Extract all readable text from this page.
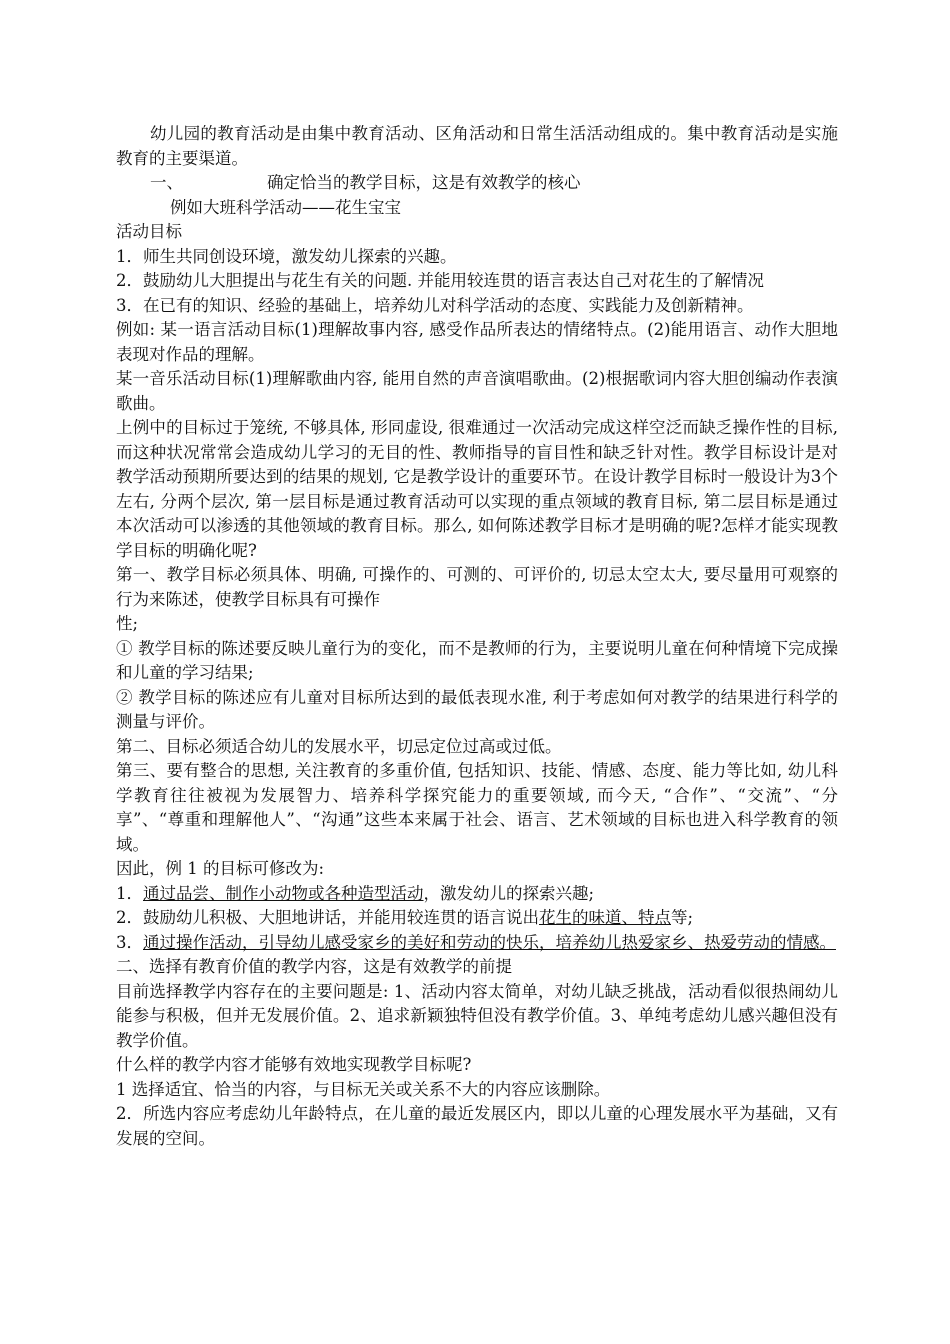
幼儿园的教育活动是由集中教育活动、区角活动和日常生活活动组成的。集中教育活动是实施教育的主要渠道。

一、	确定恰当的教学目标，这是有效教学的核心

例如大班科学活动——花生宝宝

活动目标

1．师生共同创设环境，激发幼儿探索的兴趣。

2．鼓励幼儿大胆提出与花生有关的问题. 并能用较连贯的语言表达自己对花生的了解情况

3．在已有的知识、经验的基础上，培养幼儿对科学活动的态度、实践能力及创新精神。

例如: 某一语言活动目标(1)理解故事内容, 感受作品所表达的情绪特点。(2)能用语言、动作大胆地表现对作品的理解。

某一音乐活动目标(1)理解歌曲内容, 能用自然的声音演唱歌曲。(2)根据歌词内容大胆创编动作表演歌曲。

上例中的目标过于笼统, 不够具体, 形同虚设, 很难通过一次活动完成这样空泛而缺乏操作性的目标, 而这种状况常常会造成幼儿学习的无目的性、教师指导的盲目性和缺乏针对性。教学目标设计是对教学活动预期所要达到的结果的规划, 它是教学设计的重要环节。在设计教学目标时一般设计为3个左右, 分两个层次, 第一层目标是通过教育活动可以实现的重点领域的教育目标, 第二层目标是通过本次活动可以渗透的其他领域的教育目标。那么, 如何陈述教学目标才是明确的呢?怎样才能实现教学目标的明确化呢?

第一、教学目标必须具体、明确, 可操作的、可测的、可评价的, 切忌太空太大, 要尽量用可观察的行为来陈述，使教学目标具有可操作

性;

① 教学目标的陈述要反映儿童行为的变化，而不是教师的行为，主要说明儿童在何种情境下完成操和儿童的学习结果;

② 教学目标的陈述应有儿童对目标所达到的最低表现水准, 利于考虑如何对教学的结果进行科学的测量与评价。

第二、目标必须适合幼儿的发展水平，切忌定位过高或过低。

第三、要有整合的思想, 关注教育的多重价值, 包括知识、技能、情感、态度、能力等比如, 幼儿科学教育往往被视为发展智力、培养科学探究能力的重要领域, 而今天, “合作”、“交流”、“分享”、“尊重和理解他人”、“沟通”这些本来属于社会、语言、艺术领域的目标也进入科学教育的领域。

因此，例 1 的目标可修改为:

1．通过品尝、制作小动物或各种造型活动，激发幼儿的探索兴趣;

2．鼓励幼儿积极、大胆地讲话，并能用较连贯的语言说出花生的味道、特点等;

3．通过操作活动，引导幼儿感受家乡的美好和劳动的快乐，培养幼儿热爱家乡、热爱劳动的情感。

二、选择有教育价值的教学内容，这是有效教学的前提

目前选择教学内容存在的主要问题是: 1、活动内容太简单，对幼儿缺乏挑战，活动看似很热闹幼儿能参与积极，但并无发展价值。2、追求新颖独特但没有教学价值。3、单纯考虑幼儿感兴趣但没有教学价值。

什么样的教学内容才能够有效地实现教学目标呢?

1 选择适宜、恰当的内容，与目标无关或关系不大的内容应该删除。

2．所选内容应考虑幼儿年龄特点，在儿童的最近发展区内，即以儿童的心理发展水平为基础，又有发展的空间。
